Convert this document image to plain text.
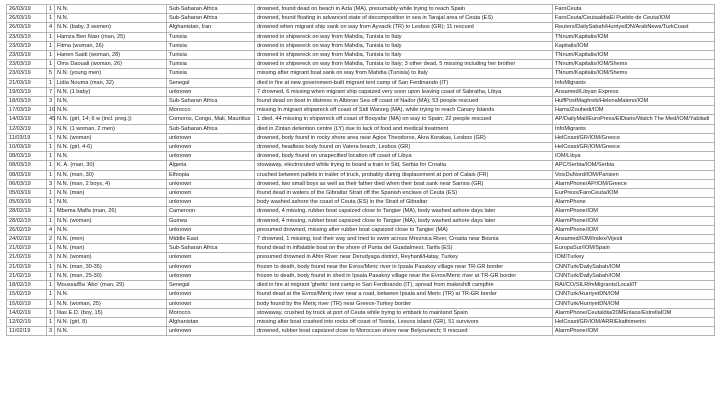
26/03/19	1	N.N.	Sub-Saharan Africa	drowned, found dead on beach in Azla (MA), presumably while trying to reach Spain	FaroCeuta
26/03/19	1	N.N.	Sub-Saharan Africa	drowned, found floating in advanced state of decomposition in sea in Tarajal area of Ceuta (ES)	FaroCeuta/CeutaaldiaEl Pueblo de Ceuta/IOM
26/03/19	4	N.N. (baby, 3 women)	Afghanistan, Iran	drowned when migrant ship sank on way from Ayvacik (TR) to Lesbos (GR); 11 rescued	Reuters/DailySabah/HurriyetDN/ArabNews/TurkCoast
23/03/19	1	Hamza Ben Nasr (man, 25)	Tunisia	drowned in shipwreck on way from Mahdia, Tunisia to Italy	TNnum/Kapitalis/IOM
23/03/19	1	Fitma (woman, 26)	Tunisia	drowned in shipwreck on way from Mahdia, Tunisia to Italy	Kapitalis/IOM
23/03/19	1	Hanen Saidi (woman, 28)	Tunisia	drowned in shipwreck on way from Mahdia, Tunisia to Italy	TNnum/Kapitalis/IOM
23/03/19	1	Oms Daouali (woman, 26)	Tunisia	drowned in shipwreck on way from Mahdia, Tunisia to Italy; 3 other dead, 5 missing including her brother	TNnum/Kapitalis/IOM/Shems
23/03/19	5	N.N. (young men)	Tunisia	missing after migrant boat sank on way from Mahdia (Tunisia) to Italy	TNnum/Kapitalis/IOM/Shems
21/03/19	1	Lidia Nouma (man, 32)	Senegal	died in fire at new government-built migrant tent camp of San Ferdinando (IT)	InfoMigrants
19/03/19	7	N.N. (1 baby)	unknown	7 drowned, 6 missing when migrant ship capsized very soon upon leaving coast of Sabratha, Libya	Ansamed/Libyan Express
18/03/19	3	N.N.	Sub-Saharan Africa	found dead on boat in distress in Alboran Sea off coast of Nador (MA); 53 people rescued	HuffPostMaghreb/HelenaMaleno/IOM
17/03/19	10	N.N.	Morocco	missing in migrant shipwreck off coast of Sidi Warzeg (MA), while trying to reach Canary Islands	Hams/Zouhedi/IOM
14/03/19	45	N.N. (girl, 14; 6 w (incl. preg.))	Comoros, Congo, Mali, Mauritius	1 died, 44 missing in shipwreck off coast of Bouyafar (MA) on way to Spain; 22 people rescued	AP/DailyMail/EuroPress/ElDiario/Watch The Med/IOM/Yabiladi
12/03/19	3	N.N. (1 woman, 2 men)	Sub-Saharan Africa	died in Zintan detention centre (LY) due to lack of food and medical treatment	InfoMigrants
11/03/19	1	N.N. (woman)	unknown	drowned, body found in rocky shore area near Agios Theodoros, Akra Korakas, Lesbos (GR)	HelCoast/GR/IOM/Greece
10/03/19	1	N.N. (girl, 4-6)	unknown	drowned, headless body found on Vatera beach, Lesbos (GR)	HelCoast/GR/IOM/Greece
08/03/19	1	N.N.	unknown	drowned, body found on unspecified location off coast of Libya	IOM/Libya
08/03/19	1	K. A. (man, 30)	Algeria	stowaway, electrocuted while trying to board a train in Sid, Serbia for Croatia	APC/Serbia/IOM/Serbia
08/03/19	1	N.N. (man, 30)	Ethiopia	crushed between pallets in trailer of truck, probably during displacement at port of Calais (FR)	VoixDuNord/IOM/Parisien
06/03/19	3	N.N. (man, 2 boys, 4)	unknown	drowned, two small boys as well as their father died when their boat sank near Samos (GR)	AlarmPhone/AP/IOM/Greece
05/03/19	1	N.N. (man)	unknown	found dead in waters of the Gibraltar Strait off the Spanish enclave of Ceuta (ES)	EurPress/FaroCeuta/IOM
05/03/19	1	N.N.	unknown	body washed ashore the coast of Ceuta (ES) in the Strait of Gibraltar	AlarmPhone
28/02/19	1	Mbema Malfa (man, 26)	Cameroon	drowned, 4 missing, rubber boat capsized close to Tangier (MA), body washed ashore days later	AlarmPhone/IOM
28/02/19	1	N.N. (woman)	Guinea	drowned, 4 missing, rubber boat capsized close to Tangier (MA), body washed ashore days later	AlarmPhone/IOM
26/02/19	4	N.N.	unknown	presumed drowned, missing after rubber boat capsized close to Tangier (MA)	AlarmPhone/IOM
24/02/19	2	N.N. (men)	Middle East	7 drowned, 1 missing, lost their way and tried to swim across Mreznica River, Croatia near Bosnia	Ansamed/IOM/Index/Vijesti
21/02/19	1	N.N. (man)	Sub-Saharan Africa	found dead in inflatable boat on the shore of Punta del Guadalmesí, Tarifa (ES)	EuropaSur/IOM/Spain
21/02/19	3	N.N. (woman)	unknown	presumed drowned in Afrin River near Derudyaga district, Reyhanli/Hatay, Turkey	IOM/Turkey
21/02/19	1	N.N. (man, 30-35)	unknown	frozen to death, body found near the Evros/Meric river in Ipsala Pasakoy village near TR-GR border	CNNTurk/DailySabah/IOM
21/02/19	1	N.N. (man, 25-30)	unknown	frozen to death, body found in shed in Ipsala Pasakoy village near the Evros/Meric river at TR-GR border	CNNTurk/DailySabah/IOM
18/02/19	1	Moussa/Ba 'Abo' (man, 29)	Senegal	died in fire at migrant 'ghetto' tent camp in San Ferdinando (IT), spread from makeshift campfire	RAI/CO/SILRfmMigrants/Local/IT
15/02/19	1	N.N.	unknown	found dead at the Evros/Meriç river near a road, between Ipsala and Meric (TR) at TR-GR border	CNNTurk/HurriyetDN/IOM
15/02/19	1	N.N. (woman, 25)	unknown	body found by the Meriç river (TR) near Greece-Turkey border	CNNTurk/HurriyetDN/IOM
14/02/19	1	Ilias E.D. (boy, 15)	Morocco	stowaway, crushed by truck at port of Ceuta while trying to embark to mainland Spain	AlarmPhone/Ceutaldia/20MEnlace/EstrellaIOM
12/02/19	1	N.N. (girl, 8)	Afghanistan	missing after boat crashed into rocks off coast of Tsonia, Lesvos island (GR), 51 survivors	HelCoast/GR/IOM/ARRIEkathimerini
11/02/19	3	N.N.	unknown	drowned, rubber boat capsized close to Moroccan shore near Belyounech; 9 rescued	AlarmPhone/IOM
